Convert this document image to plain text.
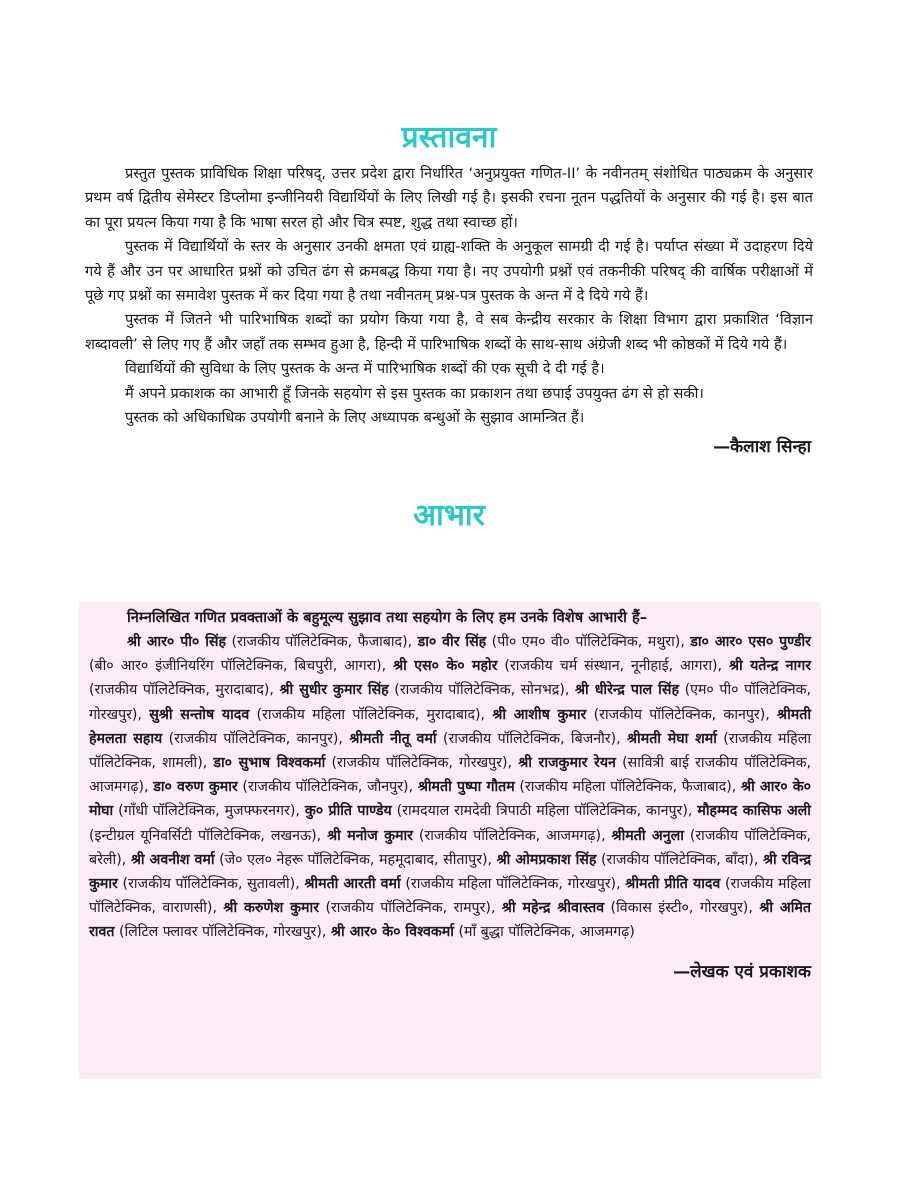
प्रस्तावना

प्रस्तुत पुस्तक प्राविधिक शिक्षा परिषद्, उत्तर प्रदेश द्वारा निर्धारित ‘अनुप्रयुक्त गणित-II’ के नवीनतम् संशोधित पाठ्यक्रम के अनुसार प्रथम वर्ष द्वितीय सेमेस्टर डिप्लोमा इन्जीनियरी विद्यार्थियों के लिए लिखी गई है। इसकी रचना नूतन पद्धतियों के अनुसार की गई है। इस बात का पूरा प्रयत्न किया गया है कि भाषा सरल हो और चित्र स्पष्ट, शुद्ध तथा स्वाच्छ हों।

पुस्तक में विद्यार्थियों के स्तर के अनुसार उनकी क्षमता एवं ग्राह्य-शक्ति के अनुकूल सामग्री दी गई है। पर्याप्त संख्या में उदाहरण दिये गये हैं और उन पर आधारित प्रश्नों को उचित ढंग से क्रमबद्ध किया गया है। नए उपयोगी प्रश्नों एवं तकनीकी परिषद् की वार्षिक परीक्षाओं में पूछे गए प्रश्नों का समावेश पुस्तक में कर दिया गया है तथा नवीनतम् प्रश्न-पत्र पुस्तक के अन्त में दे दिये गये हैं।

पुस्तक में जितने भी पारिभाषिक शब्दों का प्रयोग किया गया है, वे सब केन्द्रीय सरकार के शिक्षा विभाग द्वारा प्रकाशित ‘विज्ञान शब्दावली’ से लिए गए हैं और जहाँ तक सम्भव हुआ है, हिन्दी में पारिभाषिक शब्दों के साथ-साथ अंग्रेजी शब्द भी कोष्ठकों में दिये गये हैं।

विद्यार्थियों की सुविधा के लिए पुस्तक के अन्त में पारिभाषिक शब्दों की एक सूची दे दी गई है।

मैं अपने प्रकाशक का आभारी हूँ जिनके सहयोग से इस पुस्तक का प्रकाशन तथा छपाई उपयुक्त ढंग से हो सकी।

पुस्तक को अधिकाधिक उपयोगी बनाने के लिए अध्यापक बन्धुओं के सुझाव आमन्त्रित हैं।

—कैलाश सिन्हा

आभार

निम्नलिखित गणित प्रवक्ताओं के बहुमूल्य सुझाव तथा सहयोग के लिए हम उनके विशेष आभारी हैं–

श्री आर० पी० सिंह (राजकीय पॉलिटेक्निक, फैजाबाद), डा० वीर सिंह (पी० एम० वी० पॉलिटेक्निक, मथुरा), डा० आर० एस० पुण्डीर (बी० आर० इंजीनियरिंग पॉलिटेक्निक, बिचपुरी, आगरा), श्री एस० के० महोर (राजकीय चर्म संस्थान, नूनीहाई, आगरा), श्री यतेन्द्र नागर (राजकीय पॉलिटेक्निक, मुरादाबाद), श्री सुधीर कुमार सिंह (राजकीय पॉलिटेक्निक, सोनभद्र), श्री धीरेन्द्र पाल सिंह (एम० पी० पॉलिटेक्निक, गोरखपुर), सुश्री सन्तोष यादव (राजकीय महिला पॉलिटेक्निक, मुरादाबाद), श्री आशीष कुमार (राजकीय पॉलिटेक्निक, कानपुर), श्रीमती हेमलता सहाय (राजकीय पॉलिटेक्निक, कानपुर), श्रीमती नीतू वर्मा (राजकीय पॉलिटेक्निक, बिजनौर), श्रीमती मेघा शर्मा (राजकीय महिला पॉलिटेक्निक, शामली), डा० सुभाष विश्वकर्मा (राजकीय पॉलिटेक्निक, गोरखपुर), श्री राजकुमार रेयन (सावित्री बाई राजकीय पॉलिटेक्निक, आजमगढ़), डा० वरुण कुमार (राजकीय पॉलिटेक्निक, जौनपुर), श्रीमती पुष्पा गौतम (राजकीय महिला पॉलिटेक्निक, फैजाबाद), श्री आर० के० मोघा (गाँधी पॉलिटेक्निक, मुजफ्फरनगर), कु० प्रीति पाण्डेय (रामदयाल रामदेवी त्रिपाठी महिला पॉलिटेक्निक, कानपुर), मौहम्मद कासिफ अली (इन्टीग्रल यूनिवर्सिटी पॉलिटेक्निक, लखनऊ), श्री मनोज कुमार (राजकीय पॉलिटेक्निक, आजमगढ़), श्रीमती अनुला (राजकीय पॉलिटेक्निक, बरेली), श्री अवनीश वर्मा (जे० एल० नेहरू पॉलिटेक्निक, महमूदाबाद, सीतापुर), श्री ओमप्रकाश सिंह (राजकीय पॉलिटेक्निक, बाँदा), श्री रविन्द्र कुमार (राजकीय पॉलिटेक्निक, सुतावली), श्रीमती आरती वर्मा (राजकीय महिला पॉलिटेक्निक, गोरखपुर), श्रीमती प्रीति यादव (राजकीय महिला पॉलिटेक्निक, वाराणसी), श्री करुणेश कुमार (राजकीय पॉलिटेक्निक, रामपुर), श्री महेन्द्र श्रीवास्तव (विकास इंस्टी०, गोरखपुर), श्री अमित रावत (लिटिल फ्लावर पॉलिटेक्निक, गोरखपुर), श्री आर० के० विश्वकर्मा (माँ बुद्धा पॉलिटेक्निक, आजमगढ़)

—लेखक एवं प्रकाशक
